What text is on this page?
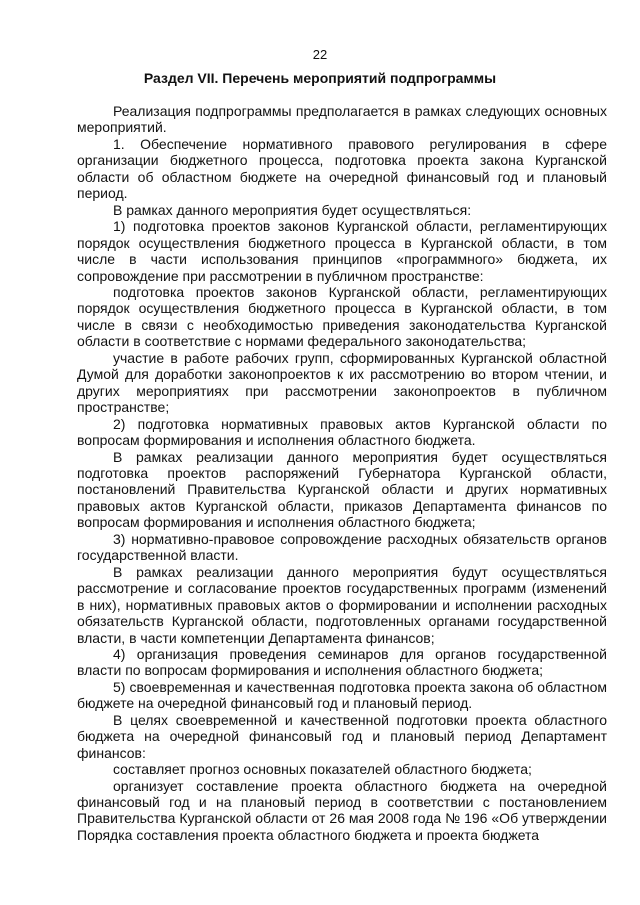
22
Раздел VII. Перечень мероприятий подпрограммы

Реализация подпрограммы предполагается в рамках следующих основных мероприятий.

1. Обеспечение нормативного правового регулирования в сфере организации бюджетного процесса, подготовка проекта закона Курганской области об областном бюджете на очередной финансовый год и плановый период.

В рамках данного мероприятия будет осуществляться:

1) подготовка проектов законов Курганской области, регламентирующих порядок осуществления бюджетного процесса в Курганской области, в том числе в части использования принципов «программного» бюджета, их сопровождение при рассмотрении в публичном пространстве:

подготовка проектов законов Курганской области, регламентирующих порядок осуществления бюджетного процесса в Курганской области, в том числе в связи с необходимостью приведения законодательства Курганской области в соответствие с нормами федерального законодательства;

участие в работе рабочих групп, сформированных Курганской областной Думой для доработки законопроектов к их рассмотрению во втором чтении, и других мероприятиях при рассмотрении законопроектов в публичном пространстве;

2) подготовка нормативных правовых актов Курганской области по вопросам формирования и исполнения областного бюджета.

В рамках реализации данного мероприятия будет осуществляться подготовка проектов распоряжений Губернатора Курганской области, постановлений Правительства Курганской области и других нормативных правовых актов Курганской области, приказов Департамента финансов по вопросам формирования и исполнения областного бюджета;

3) нормативно-правовое сопровождение расходных обязательств органов государственной власти.

В рамках реализации данного мероприятия будут осуществляться рассмотрение и согласование проектов государственных программ (изменений в них), нормативных правовых актов о формировании и исполнении расходных обязательств Курганской области, подготовленных органами государственной власти, в части компетенции Департамента финансов;

4) организация проведения семинаров для органов государственной власти по вопросам формирования и исполнения областного бюджета;

5) своевременная и качественная подготовка проекта закона об областном бюджете на очередной финансовый год и плановый период.

В целях своевременной и качественной подготовки проекта областного бюджета на очередной финансовый год и плановый период Департамент финансов:

составляет прогноз основных показателей областного бюджета;

организует составление проекта областного бюджета на очередной финансовый год и на плановый период в соответствии с постановлением Правительства Курганской области от 26 мая 2008 года № 196 «Об утверждении Порядка составления проекта областного бюджета и проекта бюджета
